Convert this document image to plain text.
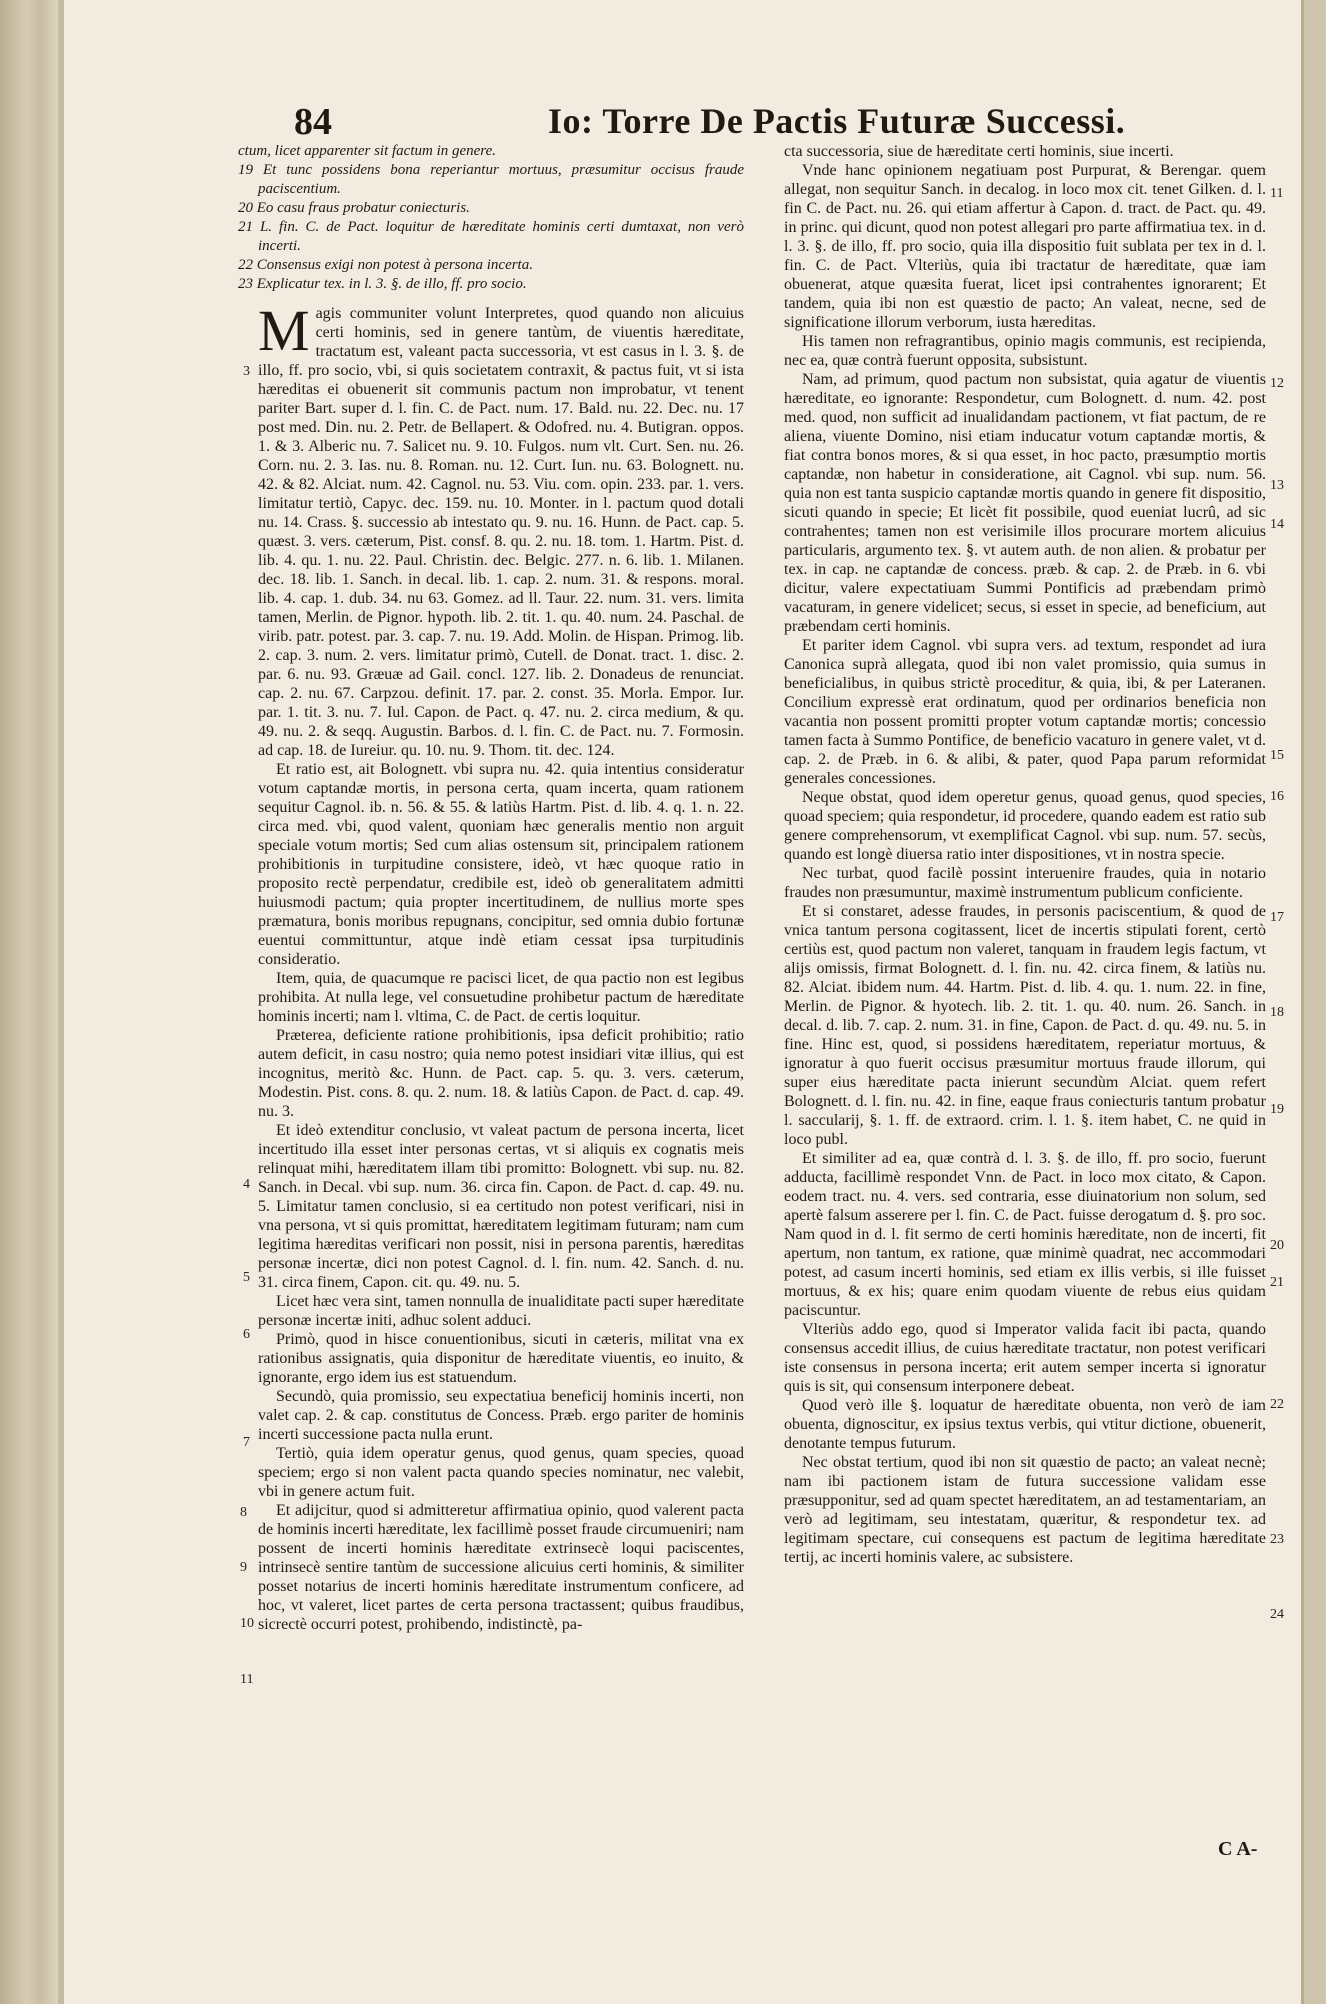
84	Io: Torre De Pactis Futuræ Successi.

ctum, licet apparenter sit factum in genere.

19 Et tunc possidens bona reperiantur mortuus, præsumitur occisus fraude paciscentium.

20 Eo casu fraus probatur coniecturis.

21 L. fin. C. de Pact. loquitur de hæreditate hominis certi dumtaxat, non verò incerti.

22 Consensus exigi non potest à persona incerta.

23 Explicatur tex. in l. 3. §. de illo, ff. pro socio.

Magis communiter volunt Interpretes, quod quando non alicuius certi hominis, sed in genere tantùm, de viuentis hæreditate, tractatum est, valeant pacta successoria, vt est casus in l. 3. §. de illo, ff. pro socio, vbi, si quis societatem contraxit, & pactus fuit, vt si ista hæreditas ei obuenerit sit communis pactum non improbatur, vt tenent pariter Bart. super d. l. fin. C. de Pact. num. 17. Bald. nu. 22. Dec. nu. 17 post med. Din. nu. 2. Petr. de Bellapert. & Odofred. nu. 4. Butigran. oppos. 1. & 3. Alberic nu. 7. Salicet nu. 9. 10. Fulgos. num vlt. Curt. Sen. nu. 26. Corn. nu. 2. 3. Ias. nu. 8. Roman. nu. 12. Curt. Iun. nu. 63. Bolognett. nu. 42. & 82. Alciat. num. 42. Cagnol. nu. 53. Viu. com. opin. 233. par. 1. vers. limitatur tertiò, Capyc. dec. 159. nu. 10. Monter. in l. pactum quod dotali nu. 14. Crass. §. successio ab intestato qu. 9. nu. 16. Hunn. de Pact. cap. 5. quæst. 3. vers. cæterum, Pist. consf. 8. qu. 2. nu. 18. tom. 1. Hartm. Pist. d. lib. 4. qu. 1. nu. 22. Paul. Christin. dec. Belgic. 277. n. 6. lib. 1. Milanen. dec. 18. lib. 1. Sanch. in decal. lib. 1. cap. 2. num. 31. & respons. moral. lib. 4. cap. 1. dub. 34. nu 63. Gomez. ad ll. Taur. 22. num. 31. vers. limita tamen, Merlin. de Pignor. hypoth. lib. 2. tit. 1. qu. 40. num. 24. Paschal. de virib. patr. potest. par. 3. cap. 7. nu. 19. Add. Molin. de Hispan. Primog. lib. 2. cap. 3. num. 2. vers. limitatur primò, Cutell. de Donat. tract. 1. disc. 2. par. 6. nu. 93. Græuæ ad Gail. concl. 127. lib. 2. Donadeus de renunciat. cap. 2. nu. 67. Carpzou. definit. 17. par. 2. const. 35. Morla. Empor. Iur. par. 1. tit. 3. nu. 7. Iul. Capon. de Pact. q. 47. nu. 2. circa medium, & qu. 49. nu. 2. & seqq. Augustin. Barbos. d. l. fin. C. de Pact. nu. 7. Formosin. ad cap. 18. de Iureiur. qu. 10. nu. 9. Thom. tit. dec. 124.

Et ratio est, ait Bolognett. vbi supra nu. 42. quia intentius consideratur votum captandæ mortis, in persona certa, quam incerta, quam rationem sequitur Cagnol. ib. n. 56. & 55. & latiùs Hartm. Pist. d. lib. 4. q. 1. n. 22. circa med. vbi, quod valent, quoniam hæc generalis mentio non arguit speciale votum mortis; Sed cum alias ostensum sit, principalem rationem prohibitionis in turpitudine consistere, ideò, vt hæc quoque ratio in proposito rectè perpendatur, credibile est, ideò ob generalitatem admitti huiusmodi pactum; quia propter incertitudinem, de nullius morte spes præmatura, bonis moribus repugnans, concipitur, sed omnia dubio fortunæ euentui committuntur, atque indè etiam cessat ipsa turpitudinis consideratio.

Item, quia, de quacumque re pacisci licet, de qua pactio non est legibus prohibita. At nulla lege, vel consuetudine prohibetur pactum de hæreditate hominis incerti; nam l. vltima, C. de Pact. de certis loquitur.

Præterea, deficiente ratione prohibitionis, ipsa deficit prohibitio; ratio autem deficit, in casu nostro; quia nemo potest insidiari vitæ illius, qui est incognitus, meritò &c. Hunn. de Pact. cap. 5. qu. 3. vers. cæterum, Modestin. Pist. cons. 8. qu. 2. num. 18. & latiùs Capon. de Pact. d. cap. 49. nu. 3.

Et ideò extenditur conclusio, vt valeat pactum de persona incerta, licet incertitudo illa esset inter personas certas, vt si aliquis ex cognatis meis relinquat mihi, hæreditatem illam tibi promitto: Bolognett. vbi sup. nu. 82. Sanch. in Decal. vbi sup. num. 36. circa fin. Capon. de Pact. d. cap. 49. nu. 5. Limitatur tamen conclusio, si ea certitudo non potest verificari, nisi in vna persona, vt si quis promittat, hæreditatem legitimam futuram; nam cum legitima hæreditas verificari non possit, nisi in persona parentis, hæreditas personæ incertæ, dici non potest Cagnol. d. l. fin. num. 42. Sanch. d. nu. 31. circa finem, Capon. cit. qu. 49. nu. 5.

Licet hæc vera sint, tamen nonnulla de inualiditate pacti super hæreditate personæ incertæ initi, adhuc solent adduci.

Primò, quod in hisce conuentionibus, sicuti in cæteris, militat vna ex rationibus assignatis, quia disponitur de hæreditate viuentis, eo inuito, & ignorante, ergo idem ius est statuendum.

Secundò, quia promissio, seu expectatiua beneficij hominis incerti, non valet cap. 2. & cap. constitutus de Concess. Præb. ergo pariter de hominis incerti successione pacta nulla erunt.

Tertiò, quia idem operatur genus, quod genus, quam species, quoad speciem; ergo si non valent pacta quando species nominatur, nec valebit, vbi in genere actum fuit.

Et adijcitur, quod si admitteretur affirmatiua opinio, quod valerent pacta de hominis incerti hæreditate, lex facillimè posset fraude circumueniri; nam possent de incerti hominis hæreditate extrinsecè loqui paciscentes, intrinsecè sentire tantùm de successione alicuius certi hominis, & similiter posset notarius de incerti hominis hæreditate instrumentum conficere, ad hoc, vt valeret, licet partes de certa persona tractassent; quibus fraudibus, sicrectè occurri potest, prohibendo, indistinctè, pa-

cta successoria, siue de hæreditate certi hominis, siue incerti.

Vnde hanc opinionem negatiuam post Purpurat, & Berengar. quem allegat, non sequitur Sanch. in decalog. in loco mox cit. tenet Gilken. d. l. fin C. de Pact. nu. 26. qui etiam affertur à Capon. d. tract. de Pact. qu. 49. in princ. qui dicunt, quod non potest allegari pro parte affirmatiua tex. in d. l. 3. §. de illo, ff. pro socio, quia illa dispositio fuit sublata per tex in d. l. fin. C. de Pact. Vlteriùs, quia ibi tractatur de hæreditate, quæ iam obuenerat, atque quæsita fuerat, licet ipsi contrahentes ignorarent; Et tandem, quia ibi non est quæstio de pacto; An valeat, necne, sed de significatione illorum verborum, iusta hæreditas.

His tamen non refragrantibus, opinio magis communis, est recipienda, nec ea, quæ contrà fuerunt opposita, subsistunt.

Nam, ad primum, quod pactum non subsistat, quia agatur de viuentis hæreditate, eo ignorante: Respondetur, cum Bolognett. d. num. 42. post med. quod, non sufficit ad inualidandam pactionem, vt fiat pactum, de re aliena, viuente Domino, nisi etiam inducatur votum captandæ mortis, & fiat contra bonos mores, & si qua esset, in hoc pacto, præsumptio mortis captandæ, non habetur in consideratione, ait Cagnol. vbi sup. num. 56. quia non est tanta suspicio captandæ mortis quando in genere fit dispositio, sicuti quando in specie; Et licèt fit possibile, quod eueniat lucrû, ad sic contrahentes; tamen non est verisimile illos procurare mortem alicuius particularis, argumento tex. §. vt autem auth. de non alien. & probatur per tex. in cap. ne captandæ de concess. præb. & cap. 2. de Præb. in 6. vbi dicitur, valere expectatiuam Summi Pontificis ad præbendam primò vacaturam, in genere videlicet; secus, si esset in specie, ad beneficium, aut præbendam certi hominis.

Et pariter idem Cagnol. vbi supra vers. ad textum, respondet ad iura Canonica suprà allegata, quod ibi non valet promissio, quia sumus in beneficialibus, in quibus strictè proceditur, & quia, ibi, & per Lateranen. Concilium expressè erat ordinatum, quod per ordinarios beneficia non vacantia non possent promitti propter votum captandæ mortis; concessio tamen facta à Summo Pontifice, de beneficio vacaturo in genere valet, vt d. cap. 2. de Præb. in 6. & alibi, & pater, quod Papa parum reformidat generales concessiones.

Neque obstat, quod idem operetur genus, quoad genus, quod species, quoad speciem; quia respondetur, id procedere, quando eadem est ratio sub genere comprehensorum, vt exemplificat Cagnol. vbi sup. num. 57. secùs, quando est longè diuersa ratio inter dispositiones, vt in nostra specie.

Nec turbat, quod facilè possint interuenire fraudes, quia in notario fraudes non præsumuntur, maximè instrumentum publicum conficiente.

Et si constaret, adesse fraudes, in personis paciscentium, & quod de vnica tantum persona cogitassent, licet de incertis stipulati forent, certò certiùs est, quod pactum non valeret, tanquam in fraudem legis factum, vt alijs omissis, firmat Bolognett. d. l. fin. nu. 42. circa finem, & latiùs nu. 82. Alciat. ibidem num. 44. Hartm. Pist. d. lib. 4. qu. 1. num. 22. in fine, Merlin. de Pignor. & hyotech. lib. 2. tit. 1. qu. 40. num. 26. Sanch. in decal. d. lib. 7. cap. 2. num. 31. in fine, Capon. de Pact. d. qu. 49. nu. 5. in fine. Hinc est, quod, si possidens hæreditatem, reperiatur mortuus, & ignoratur à quo fuerit occisus præsumitur mortuus fraude illorum, qui super eius hæreditate pacta inierunt secundùm Alciat. quem refert Bolognett. d. l. fin. nu. 42. in fine, eaque fraus coniecturis tantum probatur l. saccularij, §. 1. ff. de extraord. crim. l. 1. §. item habet, C. ne quid in loco publ.

Et similiter ad ea, quæ contrà d. l. 3. §. de illo, ff. pro socio, fuerunt adducta, facillimè respondet Vnn. de Pact. in loco mox citato, & Capon. eodem tract. nu. 4. vers. sed contraria, esse diuinatorium non solum, sed apertè falsum asserere per l. fin. C. de Pact. fuisse derogatum d. §. pro soc. Nam quod in d. l. fit sermo de certi hominis hæreditate, non de incerti, fit apertum, non tantum, ex ratione, quæ minimè quadrat, nec accommodari potest, ad casum incerti hominis, sed etiam ex illis verbis, si ille fuisset mortuus, & ex his; quare enim quodam viuente de rebus eius quidam paciscuntur.

Vlteriùs addo ego, quod si Imperator valida facit ibi pacta, quando consensus accedit illius, de cuius hæreditate tractatur, non potest verificari iste consensus in persona incerta; erit autem semper incerta si ignoratur quis is sit, qui consensum interponere debeat.

Quod verò ille §. loquatur de hæreditate obuenta, non verò de iam obuenta, dignoscitur, ex ipsius textus verbis, qui vtitur dictione, obuenerit, denotante tempus futurum.

Nec obstat tertium, quod ibi non sit quæstio de pacto; an valeat necnè; nam ibi pactionem istam de futura successione validam esse præsupponitur, sed ad quam spectet hæreditatem, an ad testamentariam, an verò ad legitimam, seu intestatam, quæritur, & respondetur tex. ad legitimam spectare, cui consequens est pactum de legitima hæreditate tertij, ac incerti hominis valere, ac subsistere.

3
4
5
6
7
8
9
10
11
11
12
13
14
15
16
17
18
19
20
21
22
23
24
C A-
